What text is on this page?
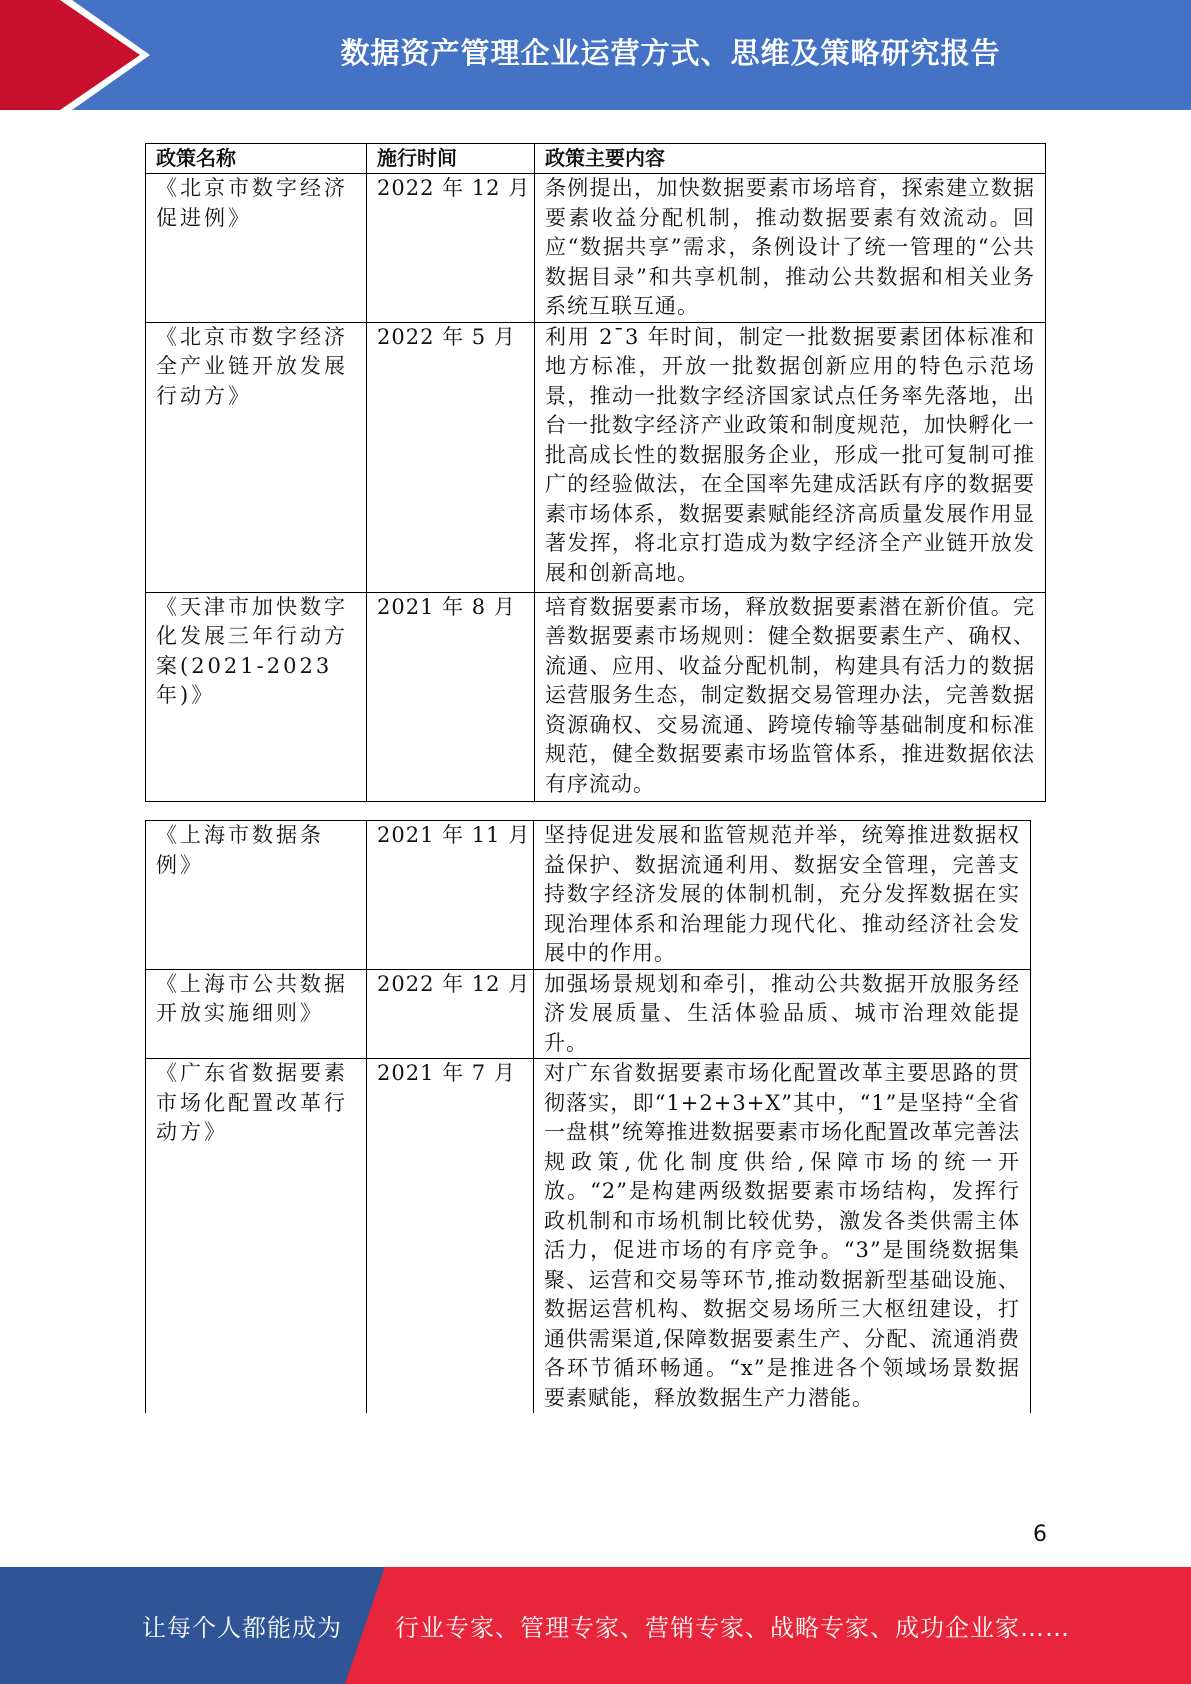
数据资产管理企业运营方式、思维及策略研究报告
政策名称	施行时间	政策主要内容
《北京市数字经济促进例》	2022 年 12 月	条例提出，加快数据要素市场培育，探索建立数据要素收益分配机制，推动数据要素有效流动。回应“数据共享”需求，条例设计了统一管理的“公共数据目录”和共享机制，推动公共数据和相关业务系统互联互通。
《北京市数字经济全产业链开放发展行动方》	2022 年 5 月	利用 2¯3 年时间，制定一批数据要素团体标准和地方标准，开放一批数据创新应用的特色示范场景，推动一批数字经济国家试点任务率先落地，出台一批数字经济产业政策和制度规范，加快孵化一批高成长性的数据服务企业，形成一批可复制可推广的经验做法，在全国率先建成活跃有序的数据要素市场体系，数据要素赋能经济高质量发展作用显著发挥，将北京打造成为数字经济全产业链开放发展和创新高地。
《天津市加快数字化发展三年行动方案(2021-2023 年)》	2021 年 8 月	培育数据要素市场，释放数据要素潜在新价值。完善数据要素市场规则：健全数据要素生产、确权、流通、应用、收益分配机制，构建具有活力的数据运营服务生态，制定数据交易管理办法，完善数据资源确权、交易流通、跨境传输等基础制度和标准规范，健全数据要素市场监管体系，推进数据依法有序流动。
《上海市数据条例》	2021 年 11 月	坚持促进发展和监管规范并举，统筹推进数据权益保护、数据流通利用、数据安全管理，完善支持数字经济发展的体制机制，充分发挥数据在实现治理体系和治理能力现代化、推动经济社会发展中的作用。
《上海市公共数据开放实施细则》	2022 年 12 月	加强场景规划和牵引，推动公共数据开放服务经济发展质量、生活体验品质、城市治理效能提升。
《广东省数据要素市场化配置改革行动方》	2021 年 7 月	对广东省数据要素市场化配置改革主要思路的贯彻落实，即“1+2+3+X”其中，“1”是坚持“全省一盘棋”统筹推进数据要素市场化配置改革完善法规政策,优化制度供给,保障市场的统一开放。“2”是构建两级数据要素市场结构，发挥行政机制和市场机制比较优势，激发各类供需主体活力，促进市场的有序竞争。“3”是围绕数据集聚、运营和交易等环节,推动数据新型基础设施、数据运营机构、数据交易场所三大枢纽建设，打通供需渠道,保障数据要素生产、分配、流通消费各环节循环畅通。“x”是推进各个领域场景数据要素赋能，释放数据生产力潜能。
6
让每个人都能成为 行业专家、管理专家、营销专家、战略专家、成功企业家……
